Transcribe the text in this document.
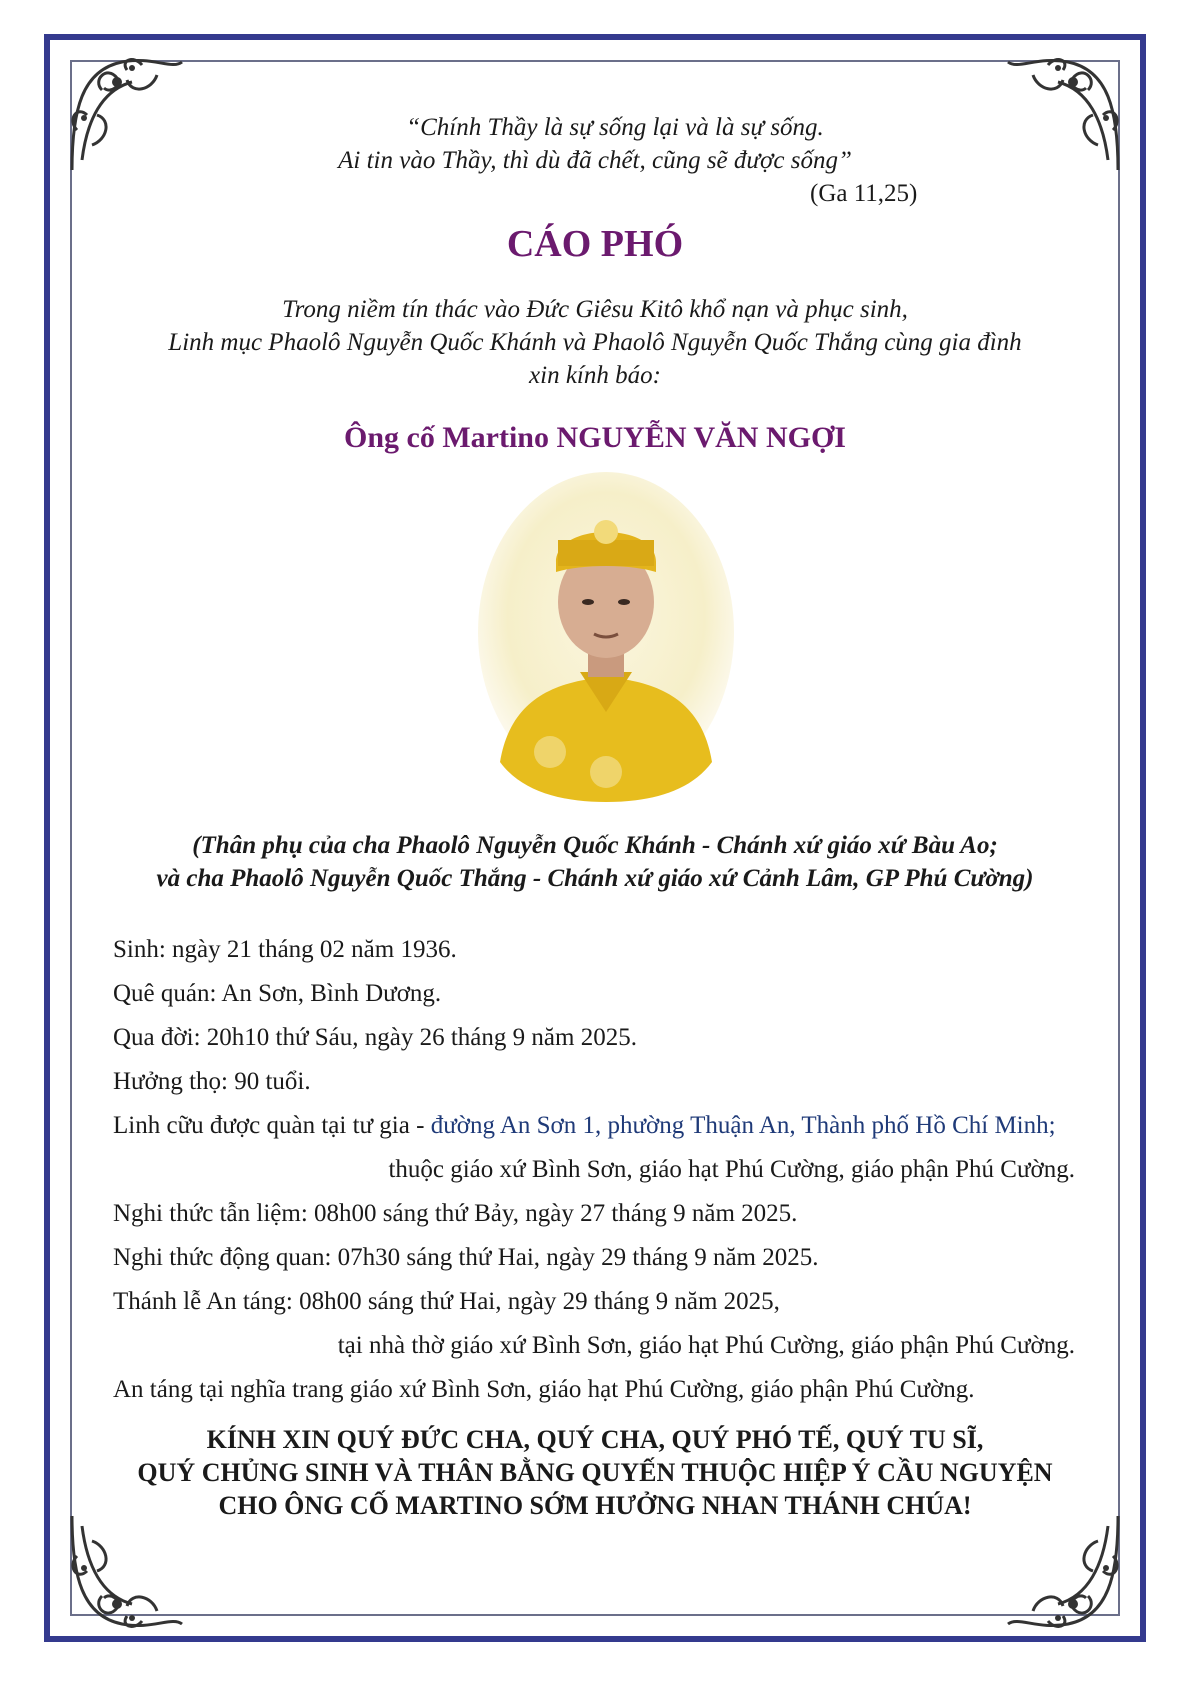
“Chính Thầy là sự sống lại và là sự sống.
Ai tin vào Thầy, thì dù đã chết, cũng sẽ được sống”
(Ga 11,25)
CÁO PHÓ
Trong niềm tín thác vào Đức Giêsu Kitô khổ nạn và phục sinh,
Linh mục Phaolô Nguyễn Quốc Khánh và Phaolô Nguyễn Quốc Thắng cùng gia đình
xin kính báo:
Ông cố Martino NGUYỄN VĂN NGỢI
(Thân phụ của cha Phaolô Nguyễn Quốc Khánh - Chánh xứ giáo xứ Bàu Ao;
và cha Phaolô Nguyễn Quốc Thắng - Chánh xứ giáo xứ Cảnh Lâm, GP Phú Cường)
Sinh: ngày 21 tháng 02 năm 1936.
Quê quán: An Sơn, Bình Dương.
Qua đời: 20h10 thứ Sáu, ngày 26 tháng 9 năm 2025.
Hưởng thọ: 90 tuổi.
Linh cữu được quàn tại tư gia - đường An Sơn 1, phường Thuận An, Thành phố Hồ Chí Minh;
thuộc giáo xứ Bình Sơn, giáo hạt Phú Cường, giáo phận Phú Cường.
Nghi thức tẫn liệm: 08h00 sáng thứ Bảy, ngày 27 tháng 9 năm 2025.
Nghi thức động quan: 07h30 sáng thứ Hai, ngày 29 tháng 9 năm 2025.
Thánh lễ An táng: 08h00 sáng thứ Hai, ngày 29 tháng 9 năm 2025,
tại nhà thờ giáo xứ Bình Sơn, giáo hạt Phú Cường, giáo phận Phú Cường.
An táng tại nghĩa trang giáo xứ Bình Sơn, giáo hạt Phú Cường, giáo phận Phú Cường.
KÍNH XIN QUÝ ĐỨC CHA, QUÝ CHA, QUÝ PHÓ TẾ, QUÝ TU SĨ,
QUÝ CHỦNG SINH VÀ THÂN BẰNG QUYẾN THUỘC HIỆP Ý CẦU NGUYỆN
CHO ÔNG CỐ MARTINO SỚM HƯỞNG NHAN THÁNH CHÚA!
